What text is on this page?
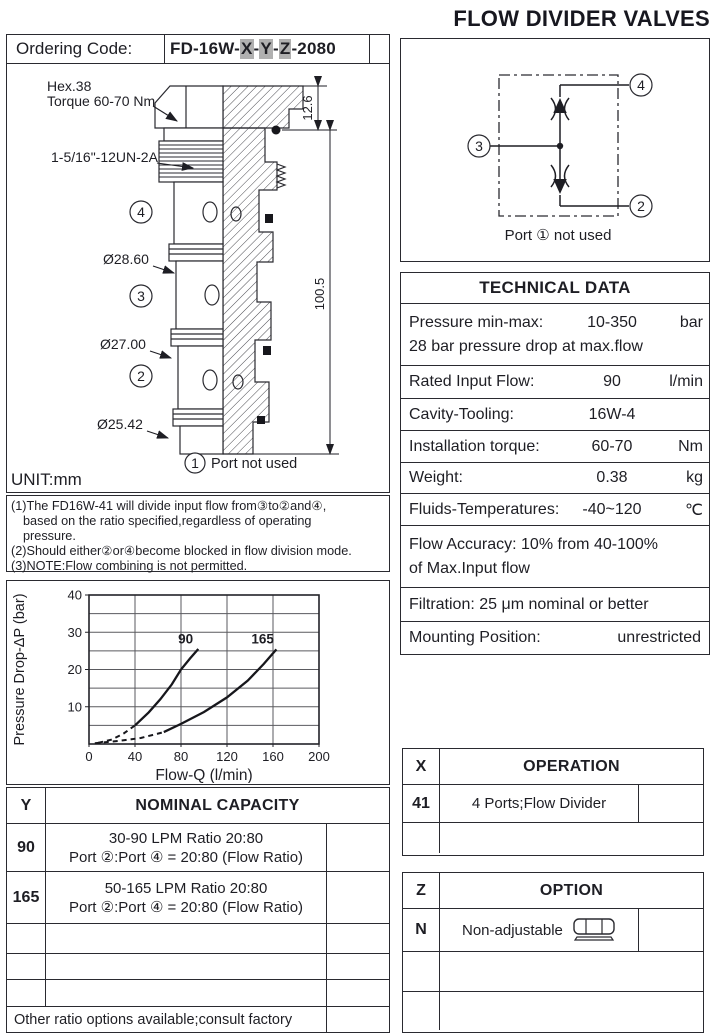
FLOW DIVIDER VALVES
Ordering Code:	FD-16W- X - Y - Z -2080
4
3
2
1 Port not used
Hex.38
Torque 60-70 Nm
1-5/16"-12UN-2A
Ø28.60
Ø27.00
Ø25.42
12.6
100.5
UNIT:mm
(1)The FD16W-41 will divide input flow from③to②and④,
based on the ratio specified,regardless of operating
pressure.
(2)Should either②or④become blocked in flow division mode.
(3)NOTE:Flow combining is not permitted.
0	40 80 120 160 200
10
20
30
40
90	165
Flow-Q (l/min)
Pressure Drop-ΔP (bar)
Y	NOMINAL CAPACITY
90
30-90 LPM Ratio 20:80
Port ②:Port ④ = 20:80 (Flow Ratio)
165
50-165 LPM Ratio 20:80
Port ②:Port ④ = 20:80 (Flow Ratio)
Other ratio options available;consult factory
4
2
3
Port ① not used
TECHNICAL DATA
Pressure min-max:	10-350	bar
28 bar pressure drop at max.flow
Rated Input Flow:	90	l/min
Cavity-Tooling:	16W-4
Installation torque:	60-70	Nm
Weight:	0.38	kg
Fluids-Temperatures:	-40~120	℃
Flow Accuracy: 10% from 40-100%
of Max.Input flow
Filtration: 25 μm nominal or better
Mounting Position:	unrestricted
X	OPERATION
41	4 Ports;Flow Divider
Z	OPTION
N	Non-adjustable
